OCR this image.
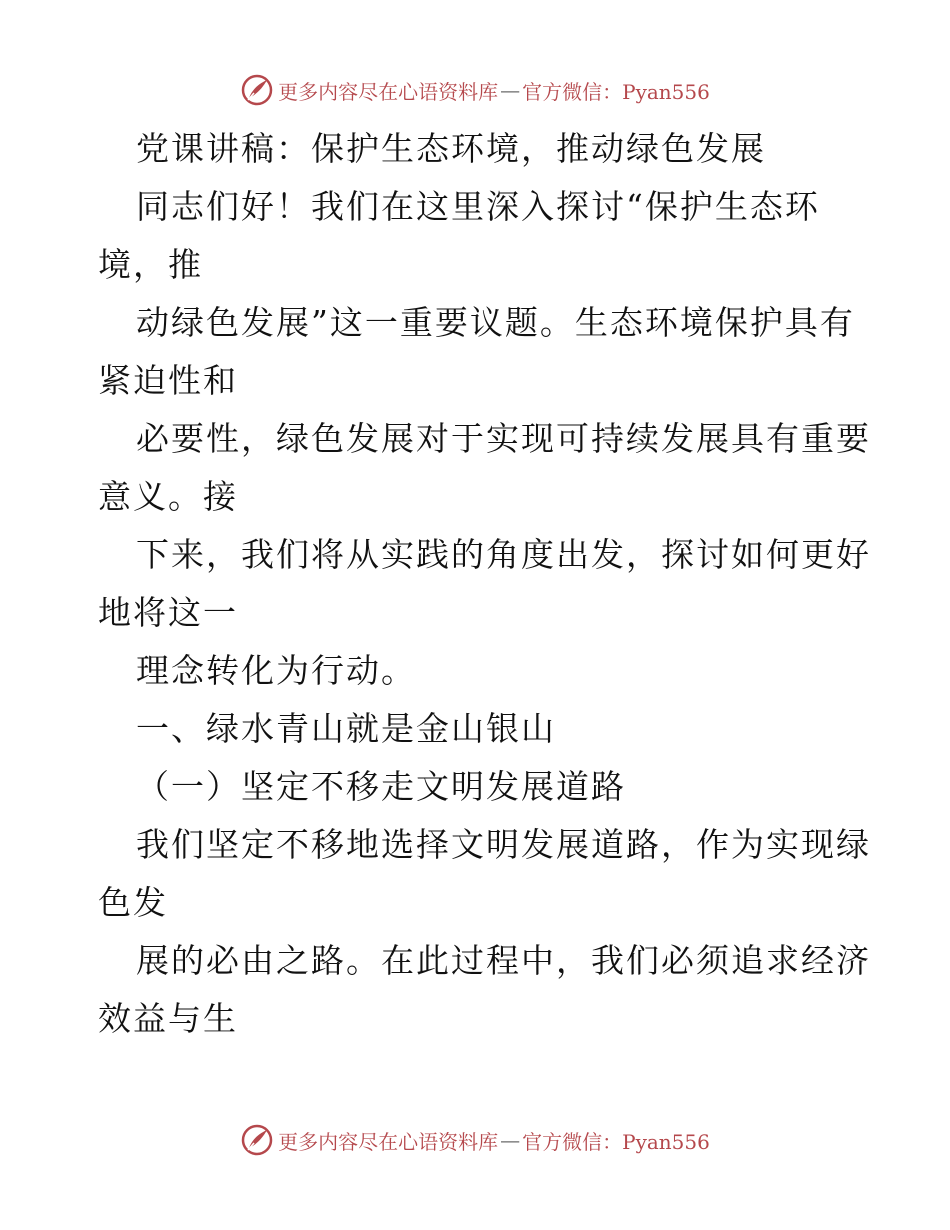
更多内容尽在心语资料库 — 官方微信：Pyan556
党课讲稿：保护生态环境，推动绿色发展
同志们好！我们在这里深入探讨“保护生态环
境，推
动绿色发展”这一重要议题。生态环境保护具有
紧迫性和
必要性，绿色发展对于实现可持续发展具有重要
意义。接
下来，我们将从实践的角度出发，探讨如何更好
地将这一
理念转化为行动。
一、绿水青山就是金山银山
（一）坚定不移走文明发展道路
我们坚定不移地选择文明发展道路，作为实现绿
色发
展的必由之路。在此过程中，我们必须追求经济
效益与生
更多内容尽在心语资料库 — 官方微信：Pyan556
